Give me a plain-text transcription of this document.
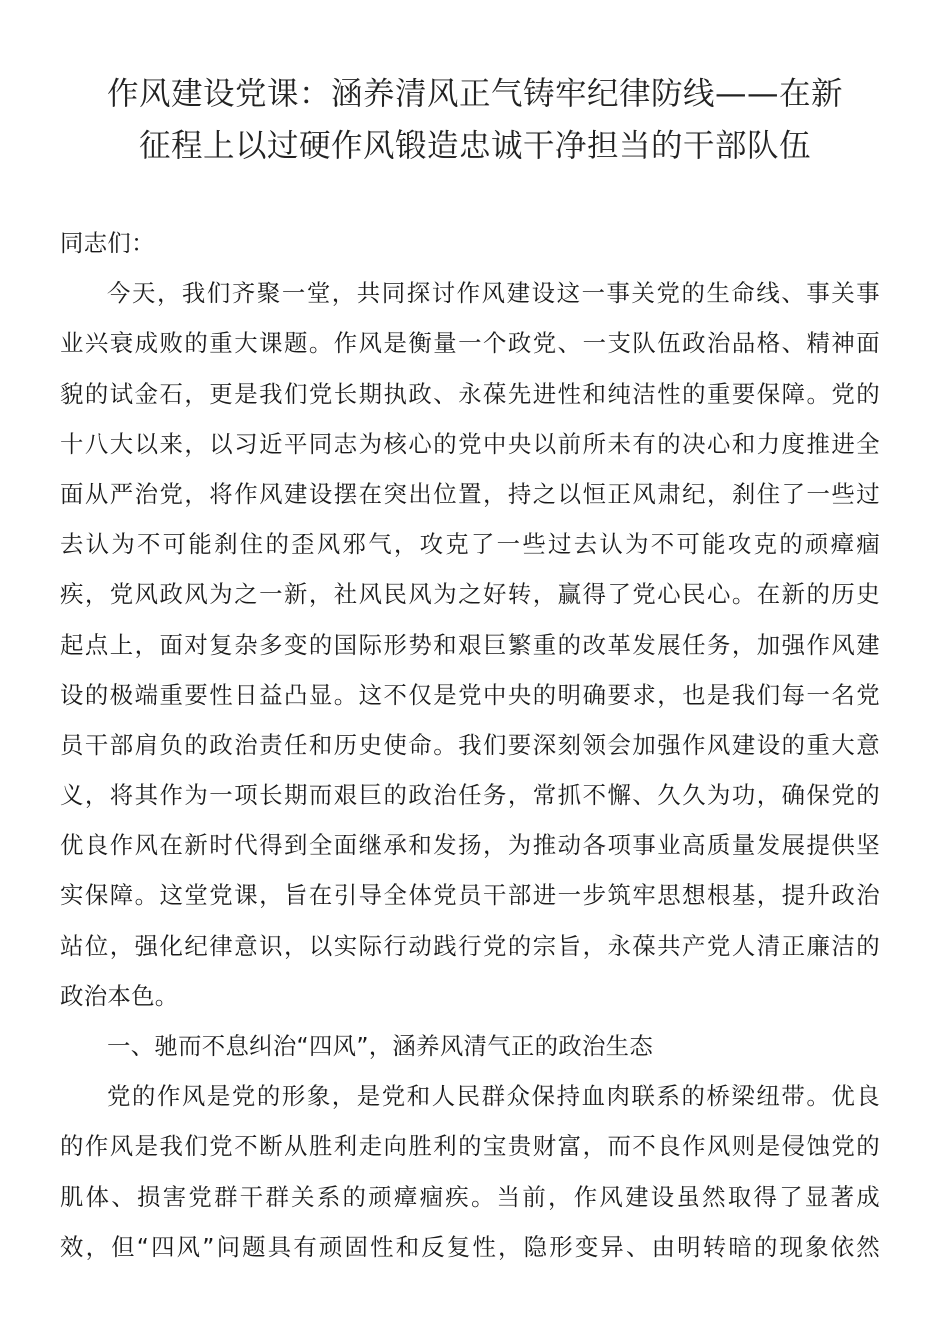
作风建设党课：涵养清风正气铸牢纪律防线——在新
征程上以过硬作风锻造忠诚干净担当的干部队伍
同志们：
今天，我们齐聚一堂，共同探讨作风建设这一事关党的生命线、事关事
业兴衰成败的重大课题。作风是衡量一个政党、一支队伍政治品格、精神面
貌的试金石，更是我们党长期执政、永葆先进性和纯洁性的重要保障。党的
十八大以来，以习近平同志为核心的党中央以前所未有的决心和力度推进全
面从严治党，将作风建设摆在突出位置，持之以恒正风肃纪，刹住了一些过
去认为不可能刹住的歪风邪气，攻克了一些过去认为不可能攻克的顽瘴痼
疾，党风政风为之一新，社风民风为之好转，赢得了党心民心。在新的历史
起点上，面对复杂多变的国际形势和艰巨繁重的改革发展任务，加强作风建
设的极端重要性日益凸显。这不仅是党中央的明确要求，也是我们每一名党
员干部肩负的政治责任和历史使命。我们要深刻领会加强作风建设的重大意
义，将其作为一项长期而艰巨的政治任务，常抓不懈、久久为功，确保党的
优良作风在新时代得到全面继承和发扬，为推动各项事业高质量发展提供坚
实保障。这堂党课，旨在引导全体党员干部进一步筑牢思想根基，提升政治
站位，强化纪律意识，以实际行动践行党的宗旨，永葆共产党人清正廉洁的
政治本色。
一、驰而不息纠治“四风”，涵养风清气正的政治生态
党的作风是党的形象，是党和人民群众保持血肉联系的桥梁纽带。优良
的作风是我们党不断从胜利走向胜利的宝贵财富，而不良作风则是侵蚀党的
肌体、损害党群干群关系的顽瘴痼疾。当前，作风建设虽然取得了显著成
效，但“四风”问题具有顽固性和反复性，隐形变异、由明转暗的现象依然
